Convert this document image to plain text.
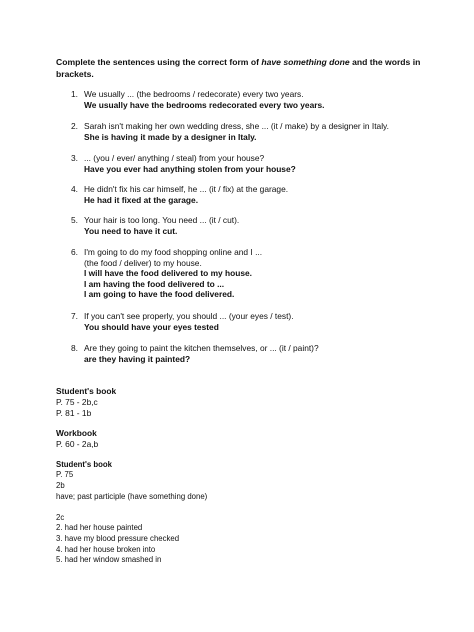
Complete the sentences using the correct form of have something done and the words in brackets.
1. We usually ... (the bedrooms / redecorate) every two years.
We usually have the bedrooms redecorated every two years.
2. Sarah isn't making her own wedding dress, she ... (it / make) by a designer in Italy.
She is having it made by a designer in Italy.
3. ... (you / ever/ anything / steal) from your house?
Have you ever had anything stolen from your house?
4. He didn't fix his car himself, he ... (it / fix) at the garage.
He had it fixed at the garage.
5. Your hair is too long. You need ... (it / cut).
You need to have it cut.
6. I'm going to do my food shopping online and I ...
(the food / deliver) to my house.
I will have the food delivered to my house.
I am having the food delivered to ...
I am going to have the food delivered.
7. If you can't see properly, you should ... (your eyes / test).
You should have your eyes tested
8. Are they going to paint the kitchen themselves, or ... (it / paint)?
are they having it painted?
Student's book
P. 75 - 2b,c
P. 81 - 1b
Workbook
P. 60 - 2a,b
Student's book
P. 75
2b
have; past participle (have something done)
2c
2. had her house painted
3. have my blood pressure checked
4. had her house broken into
5. had her window smashed in
